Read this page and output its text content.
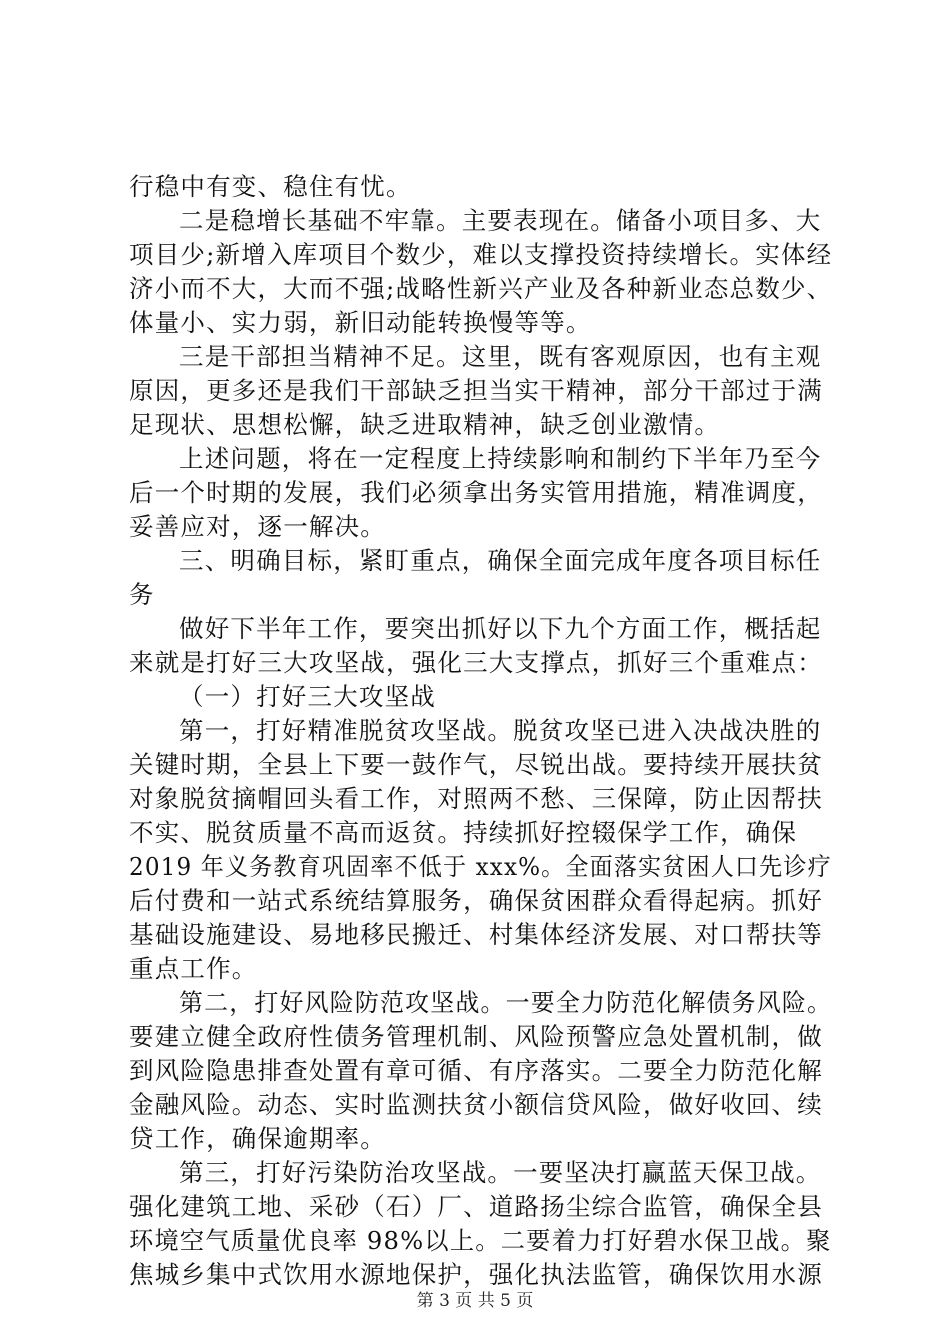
行稳中有变、稳住有忧。
二是稳增长基础不牢靠。主要表现在。储备小项目多、大
项目少;新增入库项目个数少，难以支撑投资持续增长。实体经
济小而不大，大而不强;战略性新兴产业及各种新业态总数少、
体量小、实力弱，新旧动能转换慢等等。
三是干部担当精神不足。这里，既有客观原因，也有主观
原因，更多还是我们干部缺乏担当实干精神，部分干部过于满
足现状、思想松懈，缺乏进取精神，缺乏创业激情。
上述问题，将在一定程度上持续影响和制约下半年乃至今
后一个时期的发展，我们必须拿出务实管用措施，精准调度，
妥善应对，逐一解决。
三、明确目标，紧盯重点，确保全面完成年度各项目标任
务
做好下半年工作，要突出抓好以下九个方面工作，概括起
来就是打好三大攻坚战，强化三大支撑点，抓好三个重难点：
（一）打好三大攻坚战
第一，打好精准脱贫攻坚战。脱贫攻坚已进入决战决胜的
关键时期，全县上下要一鼓作气，尽锐出战。要持续开展扶贫
对象脱贫摘帽回头看工作，对照两不愁、三保障，防止因帮扶
不实、脱贫质量不高而返贫。持续抓好控辍保学工作，确保
2019 年义务教育巩固率不低于 xxx%。全面落实贫困人口先诊疗
后付费和一站式系统结算服务，确保贫困群众看得起病。抓好
基础设施建设、易地移民搬迁、村集体经济发展、对口帮扶等
重点工作。
第二，打好风险防范攻坚战。一要全力防范化解债务风险。
要建立健全政府性债务管理机制、风险预警应急处置机制，做
到风险隐患排查处置有章可循、有序落实。二要全力防范化解
金融风险。动态、实时监测扶贫小额信贷风险，做好收回、续
贷工作，确保逾期率。
第三，打好污染防治攻坚战。一要坚决打赢蓝天保卫战。
强化建筑工地、采砂（石）厂、道路扬尘综合监管，确保全县
环境空气质量优良率 98%以上。二要着力打好碧水保卫战。聚
焦城乡集中式饮用水源地保护，强化执法监管，确保饮用水源
第 3 页 共 5 页
